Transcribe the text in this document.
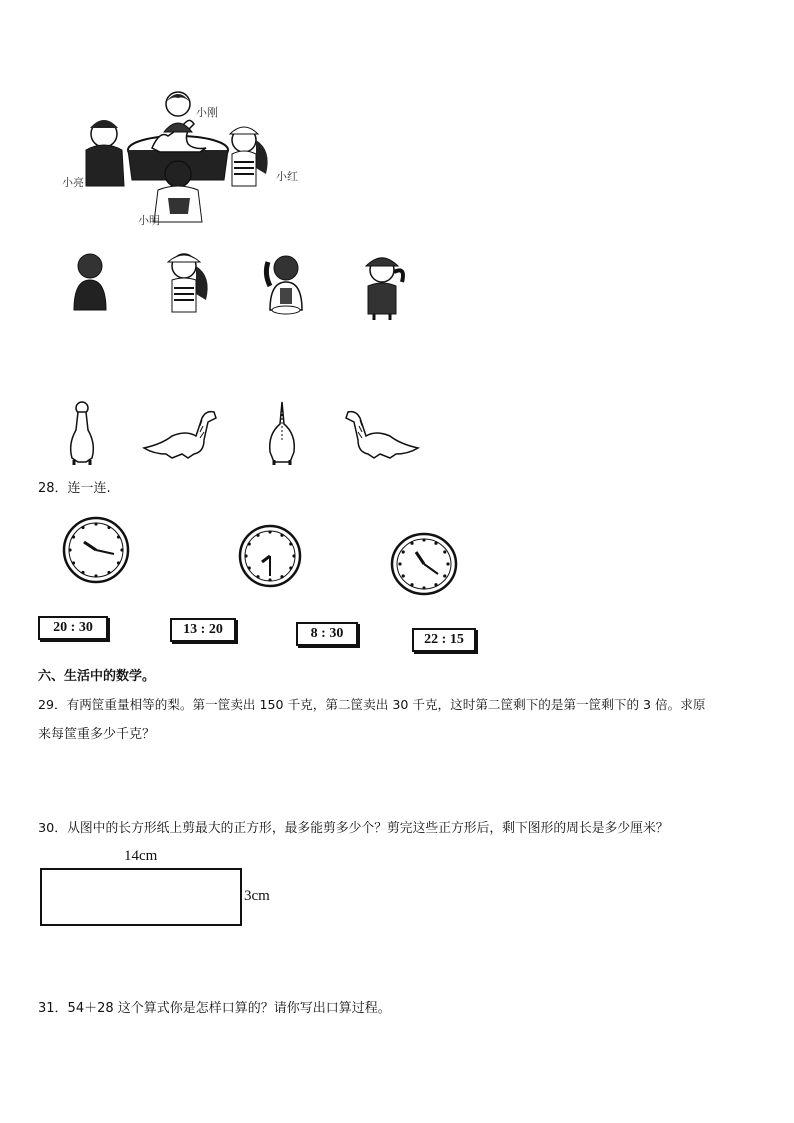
小刚
小亮	小红
小明
28．连一连.
20 : 30	13 : 20	8 : 30	22 : 15
六、生活中的数学。
29．有两筐重量相等的梨。第一筐卖出 150 千克，第二筐卖出 30 千克，这时第二筐剩下的是第一筐剩下的 3 倍。求原
来每筐重多少千克？
30．从图中的长方形纸上剪最大的正方形，最多能剪多少个？剪完这些正方形后，剩下图形的周长是多少厘米？
14cm
3cm
31．54＋28 这个算式你是怎样口算的？请你写出口算过程。
